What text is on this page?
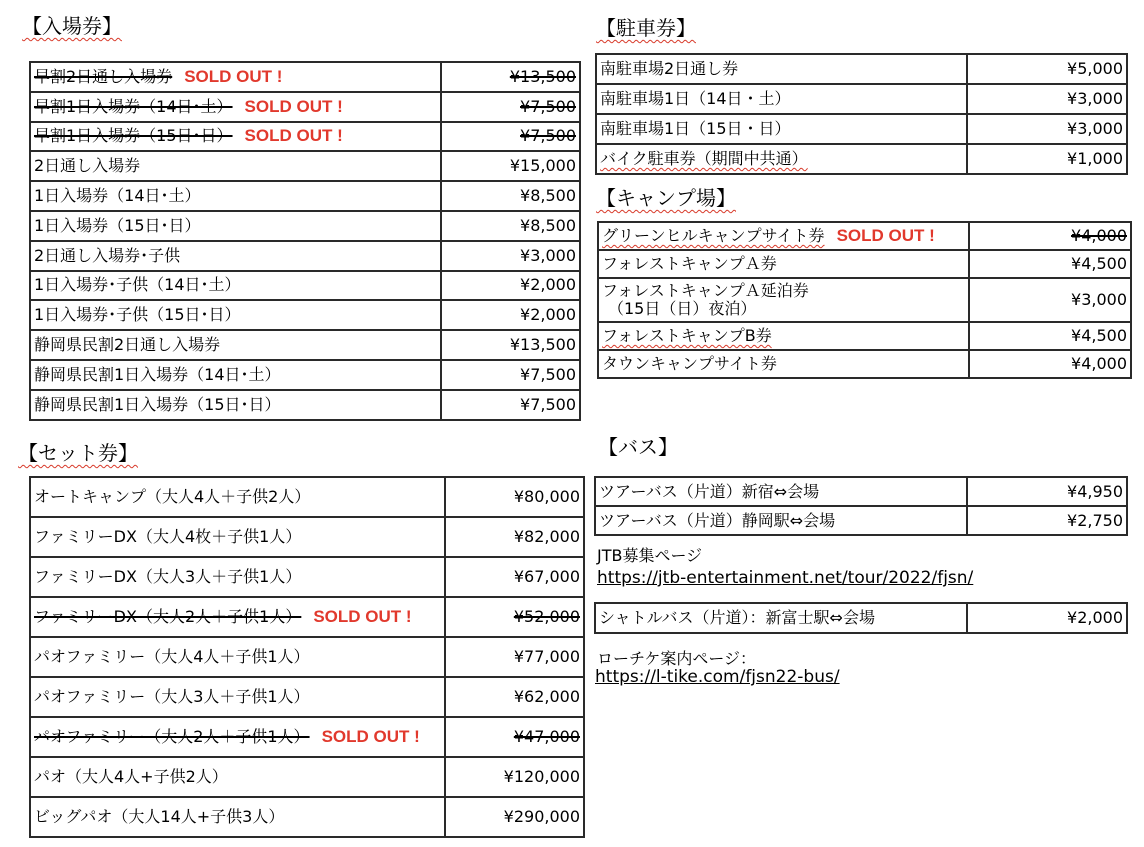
【入場券】
早割2日通し入場券 SOLD OUT !	¥13,500
早割1日入場券（14日･土） SOLD OUT !	¥7,500
早割1日入場券（15日･日） SOLD OUT !	¥7,500
2日通し入場券	¥15,000
1日入場券（14日･土）	¥8,500
1日入場券（15日･日）	¥8,500
2日通し入場券･子供	¥3,000
1日入場券･子供（14日･土）	¥2,000
1日入場券･子供（15日･日）	¥2,000
静岡県民割2日通し入場券	¥13,500
静岡県民割1日入場券（14日･土）	¥7,500
静岡県民割1日入場券（15日･日）	¥7,500
【セット券】
オートキャンプ（大人4人＋子供2人）	¥80,000
ファミリーDX（大人4枚＋子供1人）	¥82,000
ファミリーDX（大人3人＋子供1人）	¥67,000
ファミリーDX（大人2人＋子供1人） SOLD OUT !	¥52,000
パオファミリー（大人4人＋子供1人）	¥77,000
パオファミリー（大人3人＋子供1人）	¥62,000
パオファミリー（大人2人＋子供1人） SOLD OUT !	¥47,000
パオ（大人4人+子供2人）	¥120,000
ビッグパオ（大人14人+子供3人）	¥290,000
【駐車券】
南駐車場2日通し券	¥5,000
南駐車場1日（14日・土）	¥3,000
南駐車場1日（15日・日）	¥3,000
バイク駐車券（期間中共通）	¥1,000
【キャンプ場】
グリーンヒルキャンプサイト券 SOLD OUT !	¥4,000
フォレストキャンプＡ券	¥4,500
フォレストキャンプＡ延泊券
（15日（日）夜泊）	¥3,000
フォレストキャンプB券	¥4,500
タウンキャンプサイト券	¥4,000
【バス】
ツアーバス（片道）新宿⇔会場	¥4,950
ツアーバス（片道）静岡駅⇔会場	¥2,750
JTB募集ページ
https://jtb-entertainment.net/tour/2022/fjsn/
シャトルバス（片道）：新富士駅⇔会場	¥2,000
ローチケ案内ページ：
https://l-tike.com/fjsn22-bus/
